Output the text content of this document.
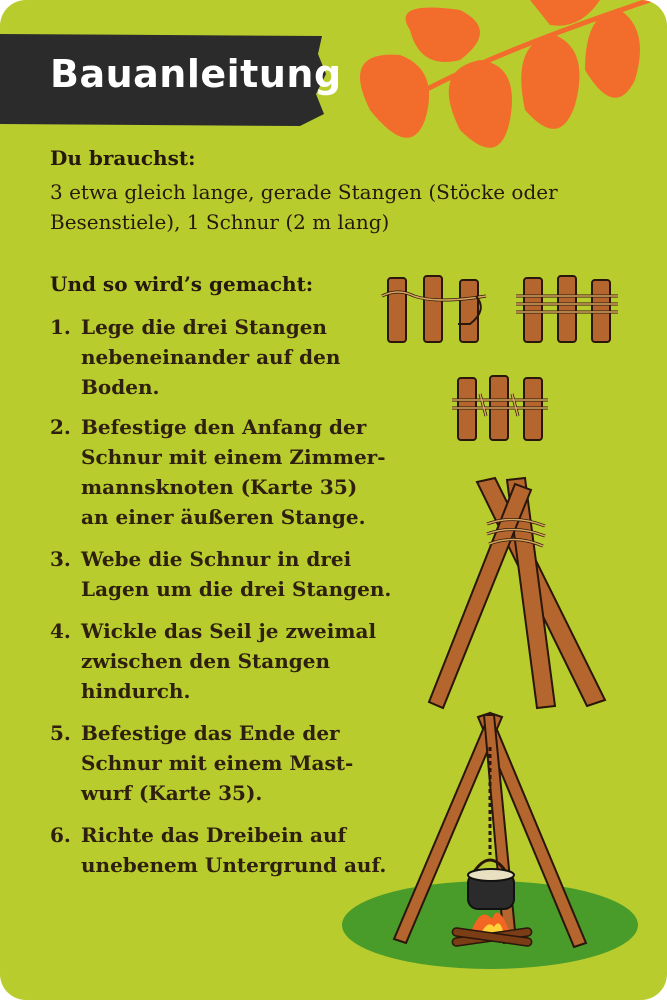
Bauanleitung

Du brauchst:

3 etwa gleich lange, gerade Stangen (Stöcke oder Besenstiele), 1 Schnur (2 m lang)

Und so wird’s gemacht:

1. Lege die drei Stangen
nebeneinander auf den
Boden.
2. Befestige den Anfang der
Schnur mit einem Zimmer-
mannsknoten (Karte 35)
an einer äußeren Stange.
3. Webe die Schnur in drei
Lagen um die drei Stangen.
4. Wickle das Seil je zweimal
zwischen den Stangen
hindurch.
5. Befestige das Ende der
Schnur mit einem Mast-
wurf (Karte 35).
6. Richte das Dreibein auf
unebenem Untergrund auf.
